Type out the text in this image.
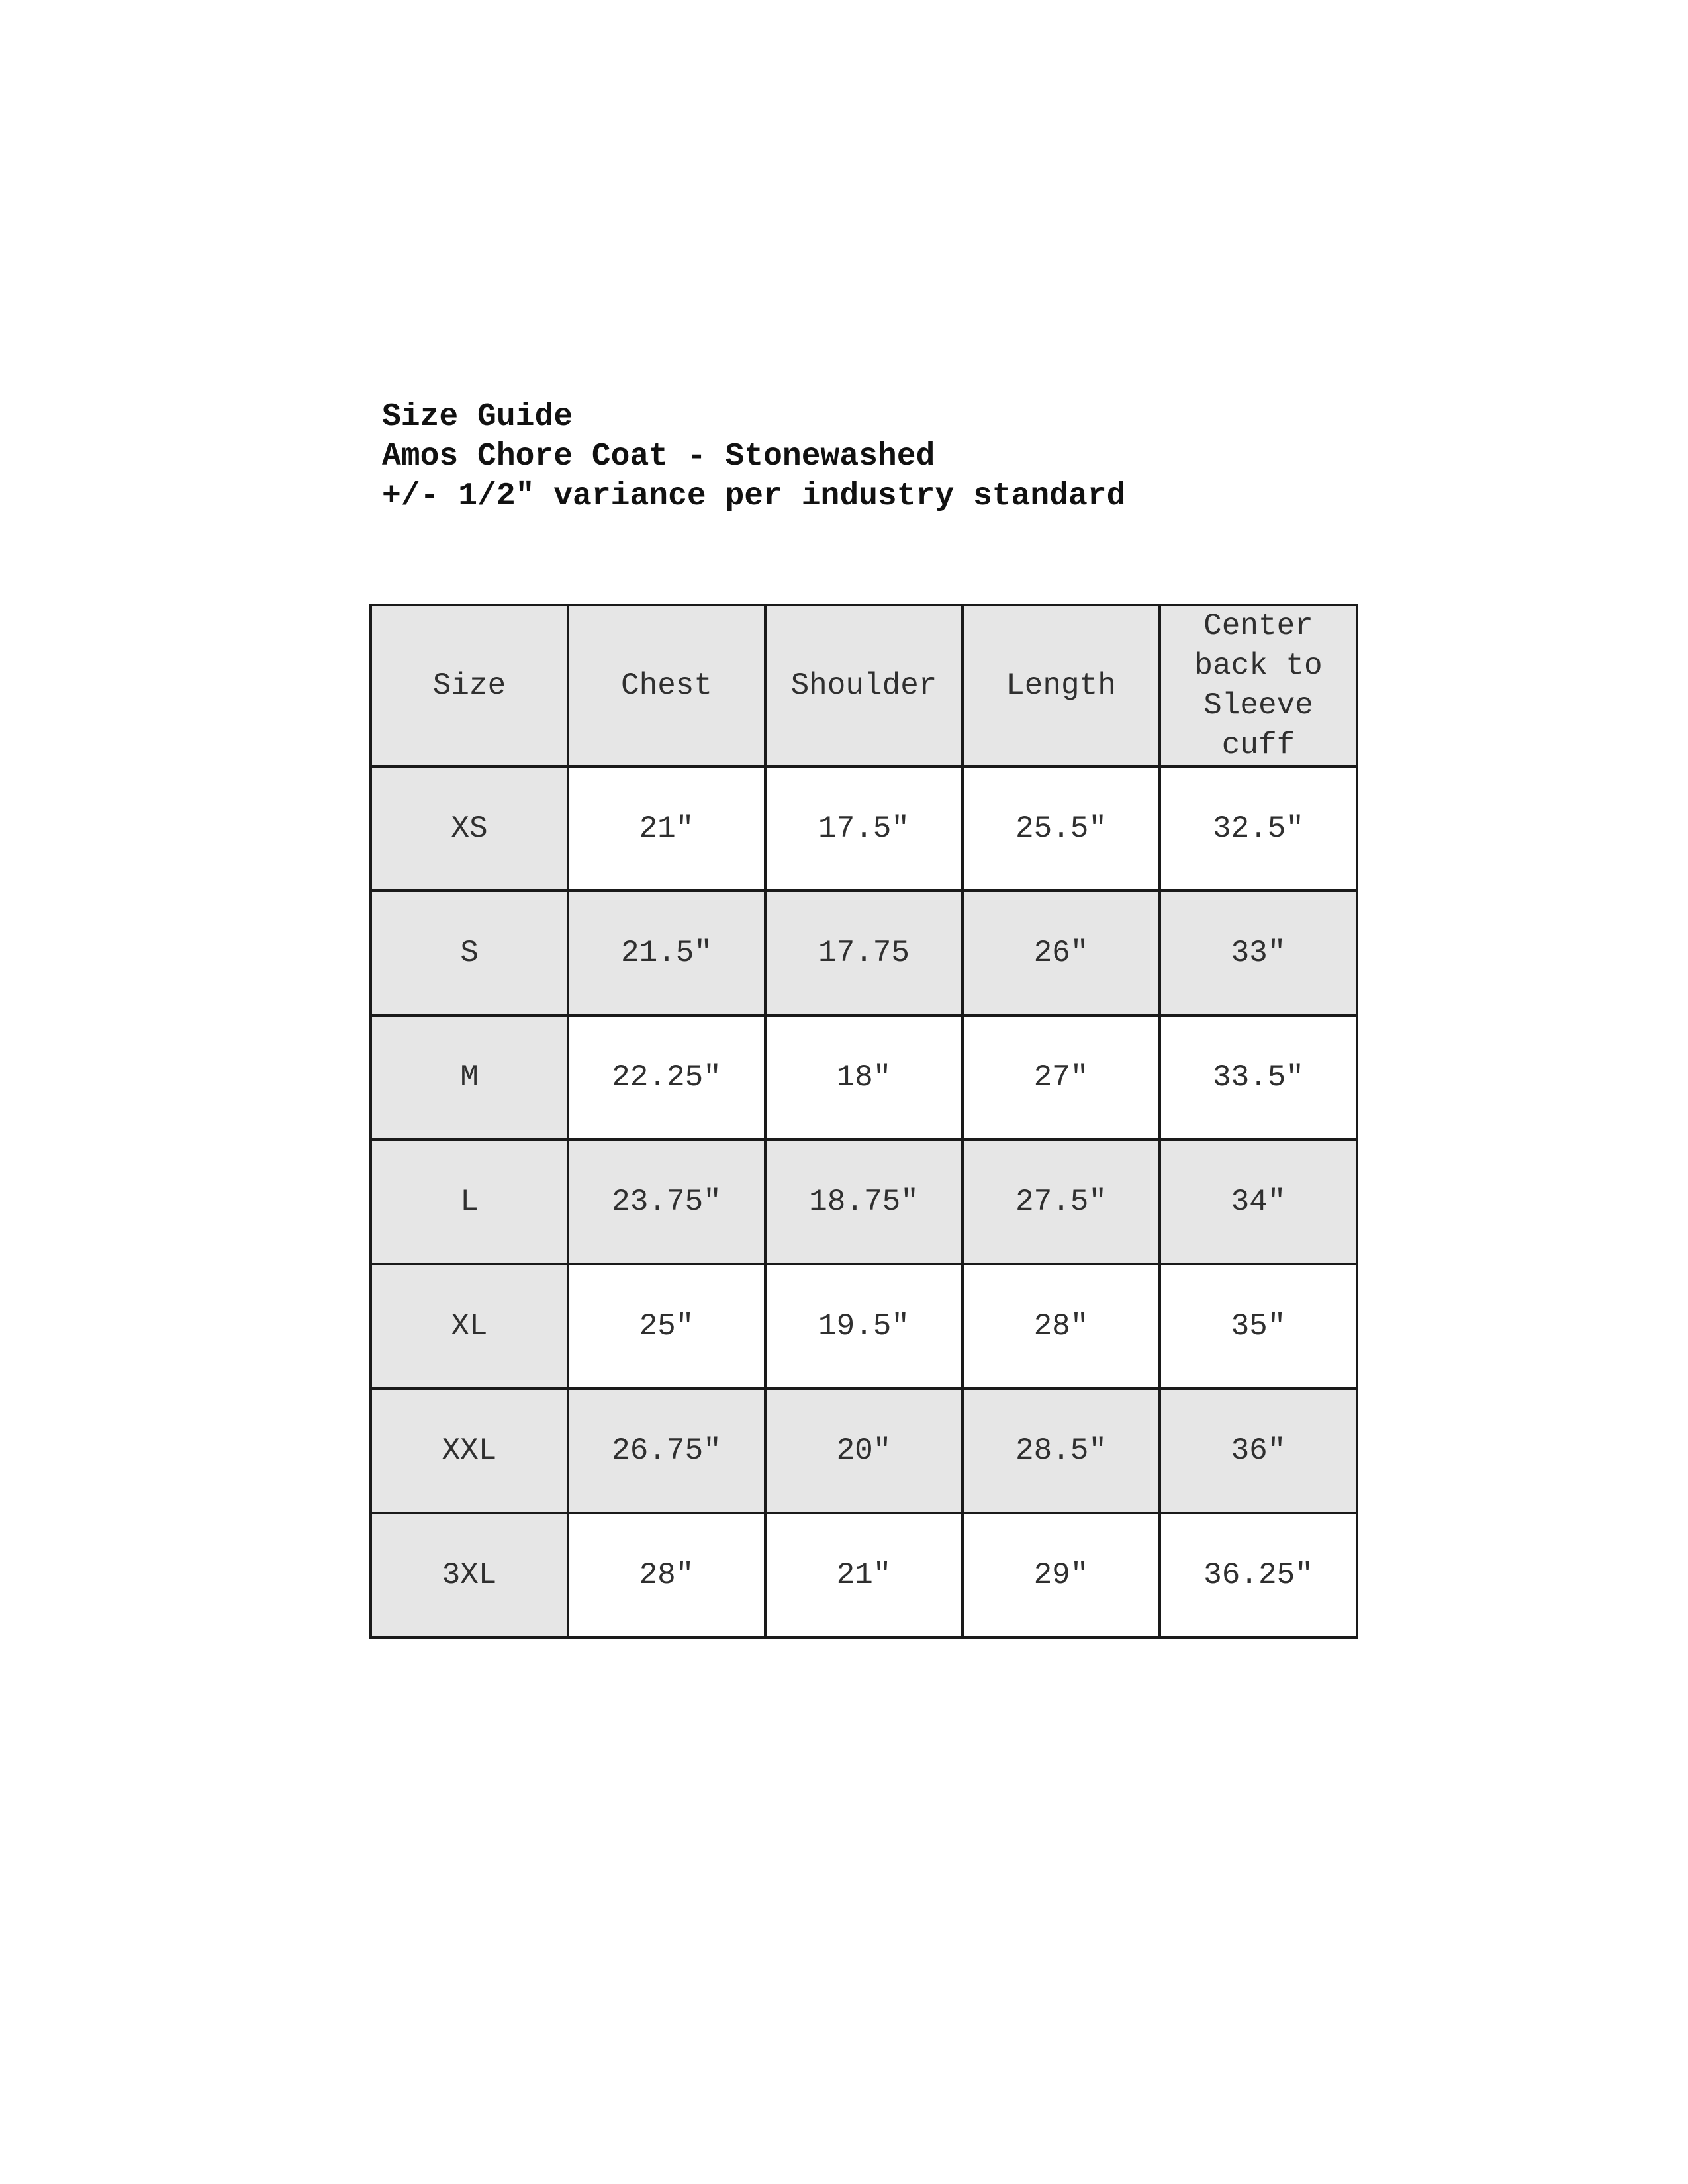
Size Guide
Amos Chore Coat - Stonewashed
+/- 1/2″ variance per industry standard
Size	Chest	Shoulder	Length	Center back to Sleeve cuff
XS	21″	17.5″	25.5″	32.5″
S	21.5″	17.75	26″	33″
M	22.25″	18″	27″	33.5″
L	23.75″	18.75″	27.5″	34″
XL	25″	19.5″	28″	35″
XXL	26.75″	20″	28.5″	36″
3XL	28″	21″	29″	36.25″
